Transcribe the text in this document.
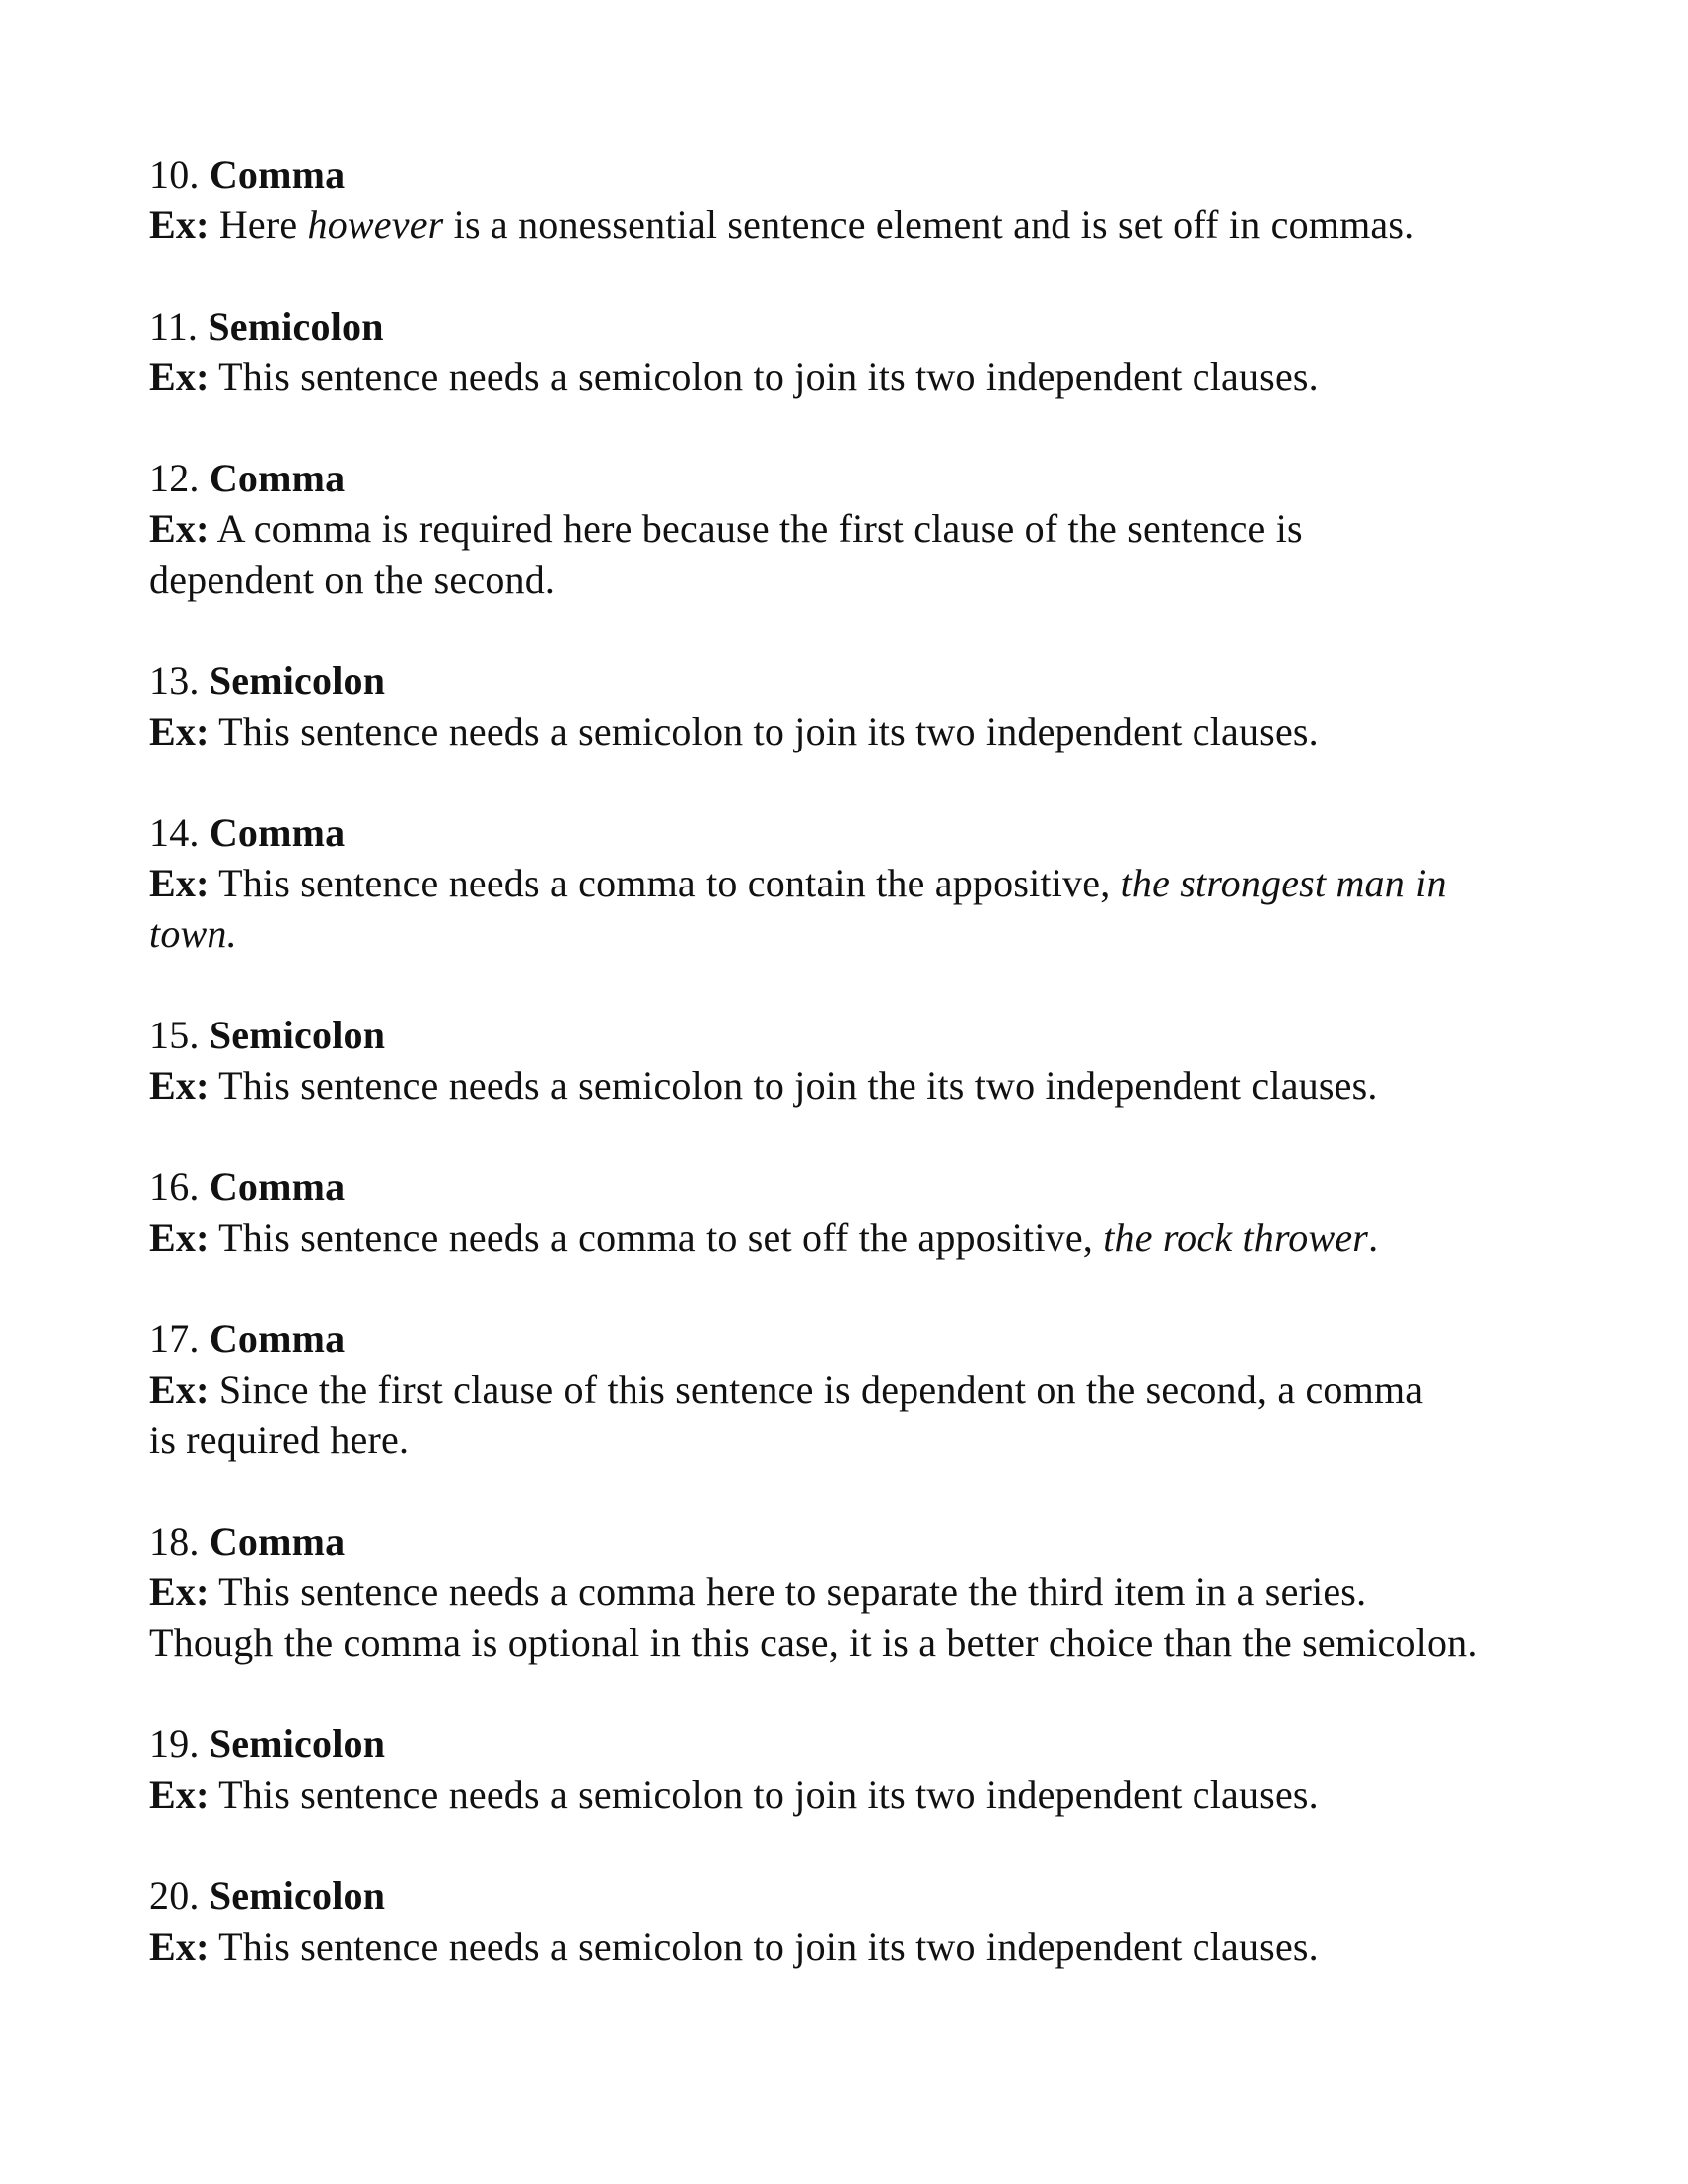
10. Comma
Ex: Here however is a nonessential sentence element and is set off in commas.
11. Semicolon
Ex: This sentence needs a semicolon to join its two independent clauses.
12. Comma
Ex: A comma is required here because the first clause of the sentence is dependent on the second.
13. Semicolon
Ex: This sentence needs a semicolon to join its two independent clauses.
14. Comma
Ex: This sentence needs a comma to contain the appositive, the strongest man in town.
15. Semicolon
Ex: This sentence needs a semicolon to join the its two independent clauses.
16. Comma
Ex: This sentence needs a comma to set off the appositive, the rock thrower.
17. Comma
Ex: Since the first clause of this sentence is dependent on the second, a comma is required here.
18. Comma
Ex: This sentence needs a comma here to separate the third item in a series. Though the comma is optional in this case, it is a better choice than the semicolon.
19. Semicolon
Ex: This sentence needs a semicolon to join its two independent clauses.
20. Semicolon
Ex: This sentence needs a semicolon to join its two independent clauses.
